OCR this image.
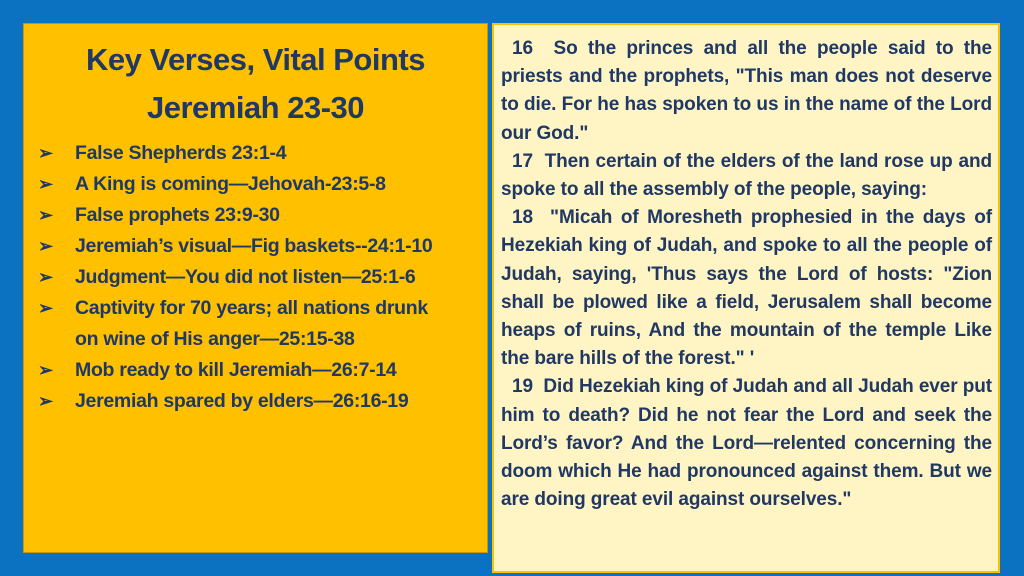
Key Verses, Vital Points
Jeremiah 23-30
➢ False Shepherds 23:1-4
➢ A King is coming—Jehovah-23:5-8
➢ False prophets 23:9-30
➢ Jeremiah’s visual—Fig baskets--24:1-10
➢ Judgment—You did not listen—25:1-6
➢ Captivity for 70 years; all nations drunk
on wine of His anger—25:15-38
➢ Mob ready to kill Jeremiah—26:7-14
➢ Jeremiah spared by elders—26:16-19

16 So the princes and all the people said to the priests and the prophets, "This man does not deserve to die. For he has spoken to us in the name of the Lord our God."

17 Then certain of the elders of the land rose up and spoke to all the assembly of the people, saying:

18 "Micah of Moresheth prophesied in the days of Hezekiah king of Judah, and spoke to all the people of Judah, saying, 'Thus says the Lord of hosts: "Zion shall be plowed like a field, Jerusalem shall become heaps of ruins, And the mountain of the temple Like the bare hills of the forest." '

19 Did Hezekiah king of Judah and all Judah ever put him to death? Did he not fear the Lord and seek the Lord’s favor? And the Lord—relented concerning the doom which He had pronounced against them. But we are doing great evil against ourselves."
